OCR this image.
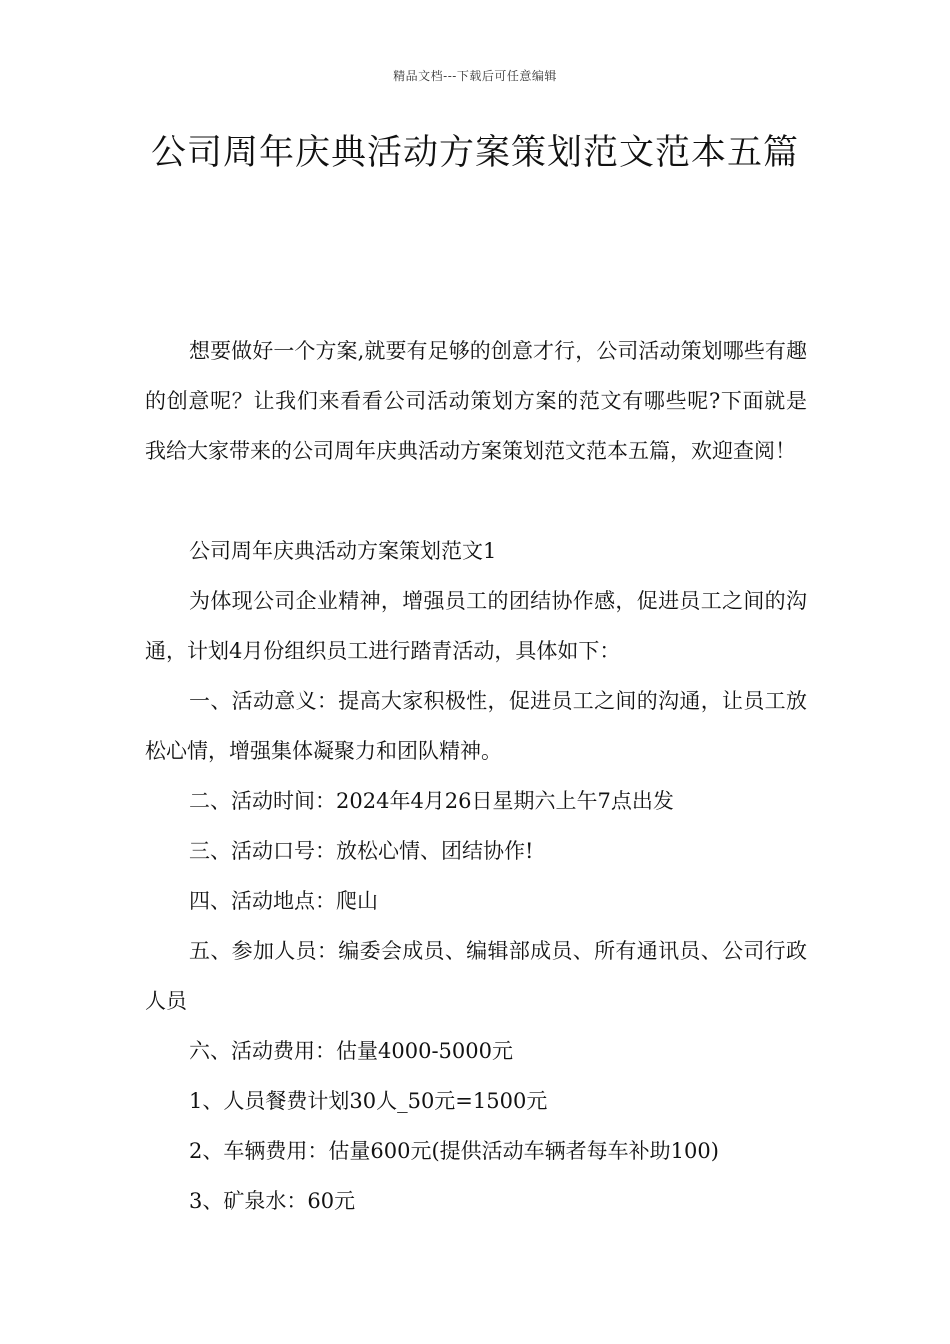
精品文档---下载后可任意编辑
公司周年庆典活动方案策划范文范本五篇

想要做好一个方案,就要有足够的创意才行，公司活动策划哪些有趣的创意呢？让我们来看看公司活动策划方案的范文有哪些呢?下面就是我给大家带来的公司周年庆典活动方案策划范文范本五篇，欢迎查阅！

公司周年庆典活动方案策划范文1

为体现公司企业精神，增强员工的团结协作感，促进员工之间的沟通，计划4月份组织员工进行踏青活动，具体如下：

一、活动意义：提高大家积极性，促进员工之间的沟通，让员工放松心情，增强集体凝聚力和团队精神。

二、活动时间：2024年4月26日星期六上午7点出发

三、活动口号：放松心情、团结协作!

四、活动地点：爬山

五、参加人员：编委会成员、编辑部成员、所有通讯员、公司行政人员

六、活动费用：估量4000-5000元

1、人员餐费计划30人_50元=1500元

2、车辆费用：估量600元(提供活动车辆者每车补助100)

3、矿泉水：60元
